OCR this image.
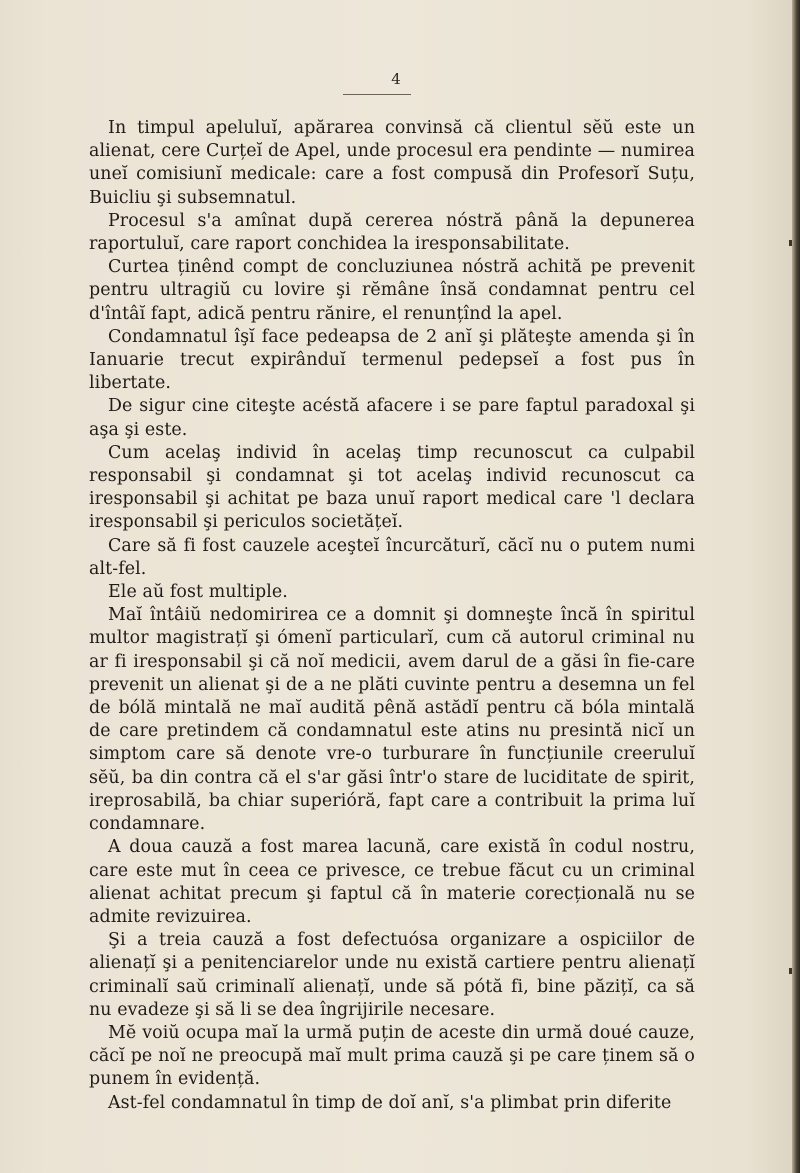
4

In timpul apeluluĭ, apărarea convinsă că clientul sĕŭ este un alienat, cere Curțeĭ de Apel, unde procesul era pendinte — numirea uneĭ comisiunĭ medicale: care a fost compusă din Profesorĭ Suțu, Buicliu şi subsemnatul.

Procesul s'a amînat după cererea nóstră până la depunerea raportuluĭ, care raport conchidea la iresponsabilitate.

Curtea ținênd compt de concluziunea nóstră achită pe prevenit pentru ultragiŭ cu lovire şi rĕmâne însă condamnat pentru cel d'întâĭ fapt, adică pentru rănire, el renunțînd la apel.

Condamnatul îşĭ face pedeapsa de 2 anĭ şi plăteşte amenda şi în Ianuarie trecut expirânduĭ termenul pedepseĭ a fost pus în libertate.

De sigur cine citeşte acéstă afacere i se pare faptul paradoxal şi aşa şi este.

Cum acelaş individ în acelaş timp recunoscut ca culpabil responsabil şi condamnat şi tot acelaş individ recunoscut ca iresponsabil şi achitat pe baza unuĭ raport medical care 'l declara iresponsabil şi periculos societățeĭ.

Care să fi fost cauzele aceşteĭ încurcăturĭ, căcĭ nu o putem numi alt-fel.

Ele aŭ fost multiple.

Maĭ întâiŭ nedomirirea ce a domnit şi domneşte încă în spiritul multor magistrațĭ şi ómenĭ particularĭ, cum că autorul criminal nu ar fi iresponsabil şi că noĭ medicii, avem darul de a găsi în fie-care prevenit un alienat şi de a ne plăti cuvinte pentru a desemna un fel de bólă mintală ne maĭ audită pênă astădĭ pentru că bóla mintală de care pretindem că condamnatul este atins nu presintă nicĭ un simptom care să denote vre-o turburare în funcțiunile creeruluĭ sĕŭ, ba din contra că el s'ar găsi într'o stare de luciditate de spirit, ireprosabilă, ba chiar superióră, fapt care a contribuit la prima luĭ condamnare.

A doua cauză a fost marea lacună, care există în codul nostru, care este mut în ceea ce privesce, ce trebue făcut cu un criminal alienat achitat precum şi faptul că în materie corecțională nu se admite revizuirea.

Şi a treia cauză a fost defectuósa organizare a ospiciilor de alienațĭ şi a penitenciarelor unde nu există cartiere pentru alienațĭ criminalĭ saŭ criminalĭ alienațĭ, unde să pótă fi, bine păzițĭ, ca să nu evadeze şi să li se dea îngrijirile necesare.

Mĕ voiŭ ocupa maĭ la urmă puțin de aceste din urmă doué cauze, căcĭ pe noĭ ne preocupă maĭ mult prima cauză şi pe care ținem să o punem în evidență.

Ast-fel condamnatul în timp de doĭ anĭ, s'a plimbat prin diferite
